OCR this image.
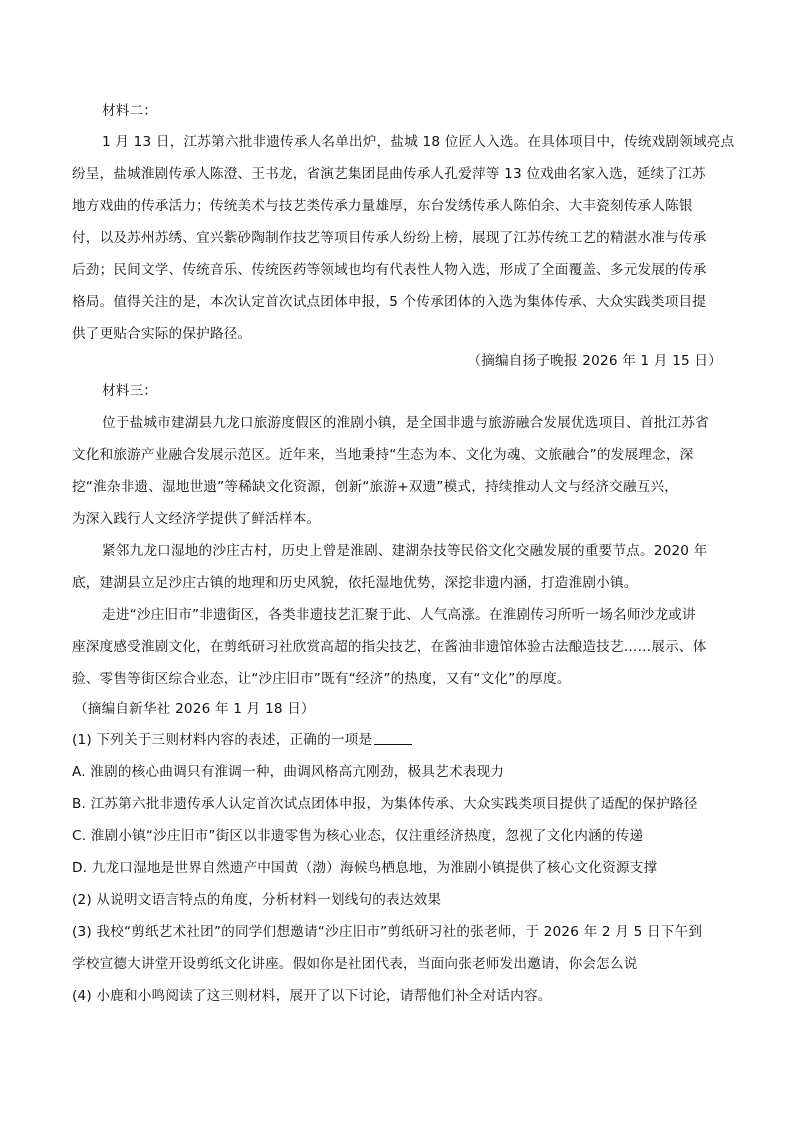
材料二：
1 月 13 日，江苏第六批非遗传承人名单出炉，盐城 18 位匠人入选。在具体项目中，传统戏剧领域亮点
纷呈，盐城淮剧传承人陈澄、王书龙，省演艺集团昆曲传承人孔爱萍等 13 位戏曲名家入选，延续了江苏
地方戏曲的传承活力；传统美术与技艺类传承力量雄厚，东台发绣传承人陈伯余、大丰瓷刻传承人陈银
付，以及苏州苏绣、宜兴紫砂陶制作技艺等项目传承人纷纷上榜，展现了江苏传统工艺的精湛水准与传承
后劲；民间文学、传统音乐、传统医药等领域也均有代表性人物入选，形成了全面覆盖、多元发展的传承
格局。值得关注的是，本次认定首次试点团体申报，5 个传承团体的入选为集体传承、大众实践类项目提
供了更贴合实际的保护路径。
（摘编自扬子晚报 2026 年 1 月 15 日）
材料三：
位于盐城市建湖县九龙口旅游度假区的淮剧小镇，是全国非遗与旅游融合发展优选项目、首批江苏省
文化和旅游产业融合发展示范区。近年来，当地秉持“生态为本、文化为魂、文旅融合”的发展理念，深
挖“淮杂非遗、湿地世遗”等稀缺文化资源，创新“旅游+双遗”模式，持续推动人文与经济交融互兴，
为深入践行人文经济学提供了鲜活样本。
紧邻九龙口湿地的沙庄古村，历史上曾是淮剧、建湖杂技等民俗文化交融发展的重要节点。2020 年
底，建湖县立足沙庄古镇的地理和历史风貌，依托湿地优势，深挖非遗内涵，打造淮剧小镇。
走进“沙庄旧市”非遗街区，各类非遗技艺汇聚于此、人气高涨。在淮剧传习所听一场名师沙龙或讲
座深度感受淮剧文化，在剪纸研习社欣赏高超的指尖技艺，在酱油非遗馆体验古法酿造技艺……展示、体
验、零售等街区综合业态，让“沙庄旧市”既有“经济”的热度，又有“文化”的厚度。
（摘编自新华社 2026 年 1 月 18 日）
(1) 下列关于三则材料内容的表述，正确的一项是
A. 淮剧的核心曲调只有淮调一种，曲调风格高亢刚劲，极具艺术表现力
B. 江苏第六批非遗传承人认定首次试点团体申报，为集体传承、大众实践类项目提供了适配的保护路径
C. 淮剧小镇“沙庄旧市”街区以非遗零售为核心业态，仅注重经济热度，忽视了文化内涵的传递
D. 九龙口湿地是世界自然遗产中国黄（渤）海候鸟栖息地，为淮剧小镇提供了核心文化资源支撑
(2) 从说明文语言特点的角度，分析材料一划线句的表达效果
(3) 我校“剪纸艺术社团”的同学们想邀请“沙庄旧市”剪纸研习社的张老师，于 2026 年 2 月 5 日下午到
学校宣德大讲堂开设剪纸文化讲座。假如你是社团代表，当面向张老师发出邀请，你会怎么说
(4) 小鹿和小鸣阅读了这三则材料，展开了以下讨论，请帮他们补全对话内容。
